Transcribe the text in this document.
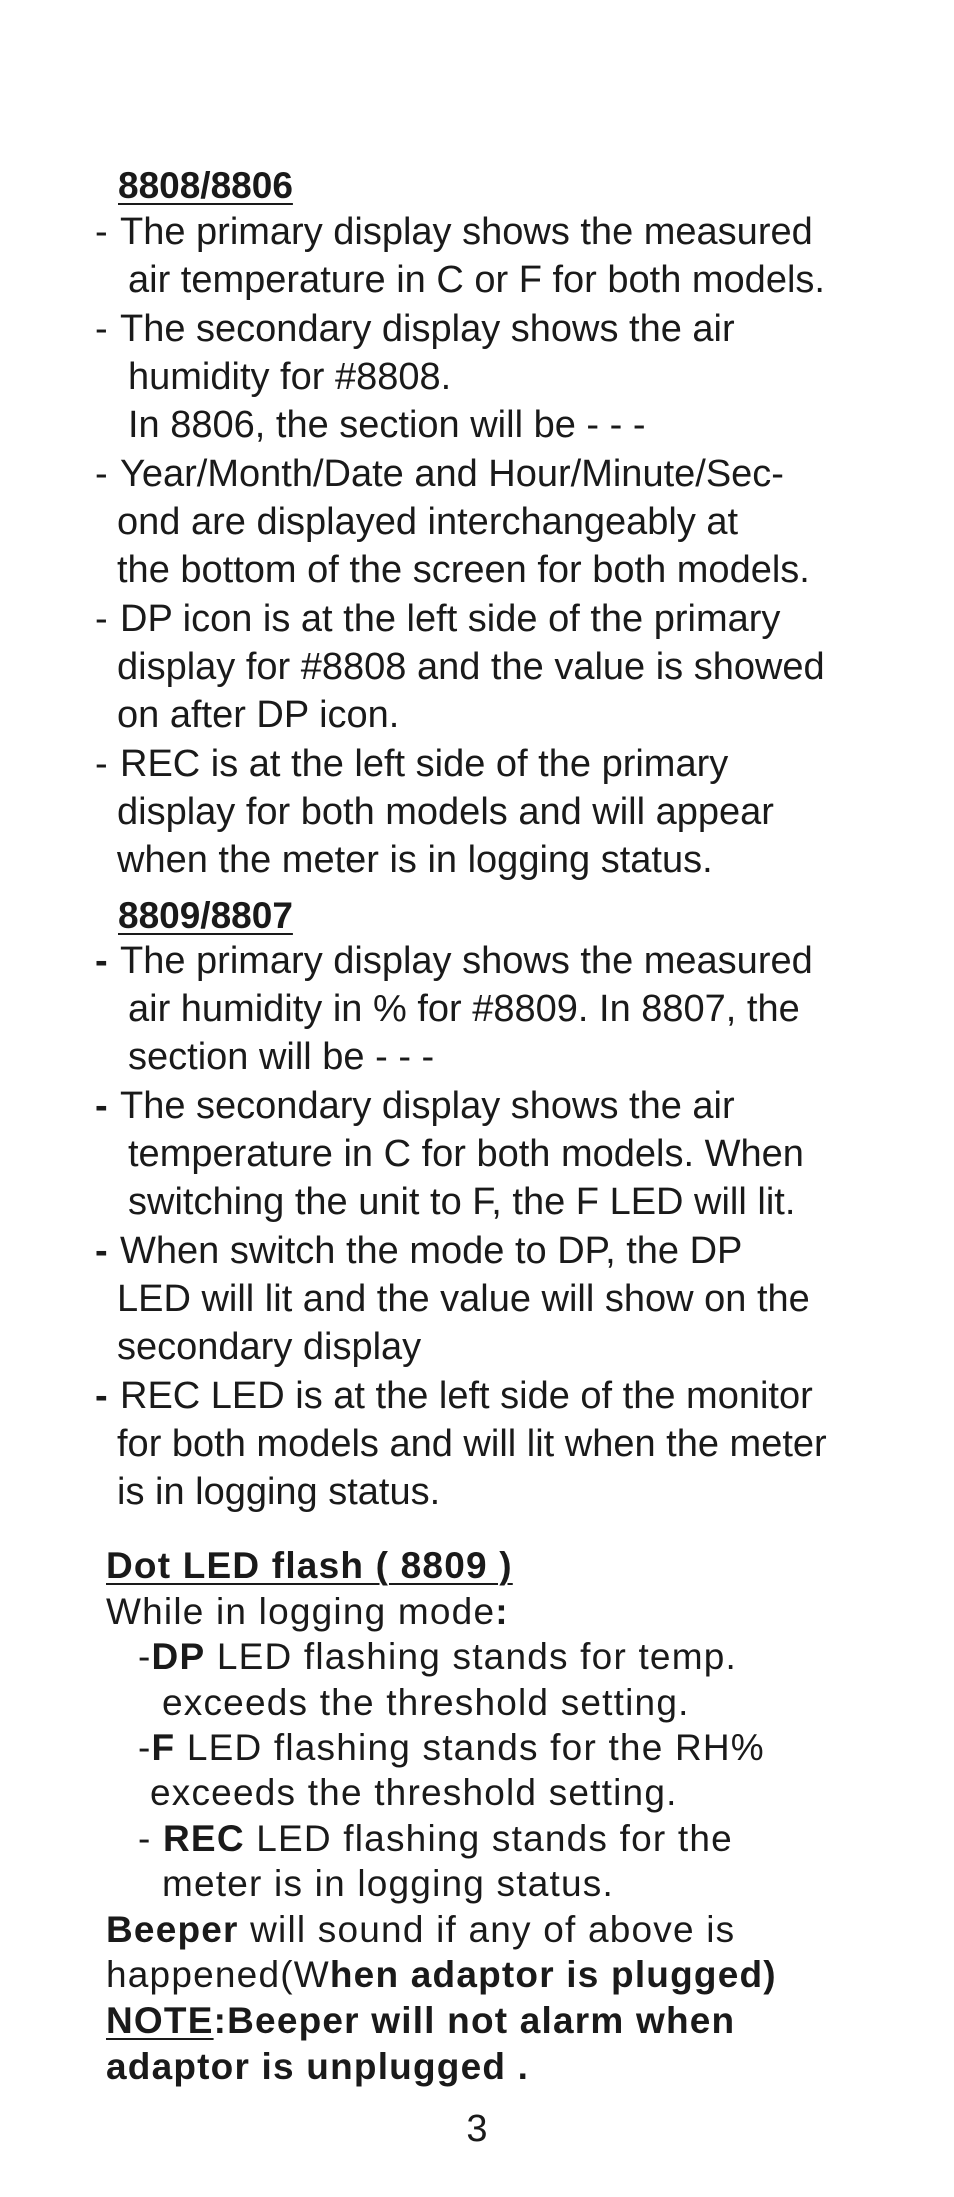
8808/8806
- The primary display shows the measured
air temperature in C or F for both models.
- The secondary display shows the air
humidity for #8808.
In 8806, the section will be - - -
- Year/Month/Date and Hour/Minute/Sec-
ond are displayed interchangeably at
the bottom of the screen for both models.
- DP icon is at the left side of the primary
display for #8808 and the value is showed
on after DP icon.
- REC is at the left side of the primary
display for both models and will appear
when the meter is in logging status.
8809/8807
- The primary display shows the measured
air humidity in % for #8809. In 8807, the
section will be - - -
- The secondary display shows the air
temperature in C for both models. When
switching the unit to F, the F LED will lit.
- When switch the mode to DP, the DP
LED will lit and the value will show on the
secondary display
- REC LED is at the left side of the monitor
for both models and will lit when the meter
is in logging status.
Dot LED flash ( 8809 )
While in logging mode:
-DP LED flashing stands for temp.
exceeds the threshold setting.
-F LED flashing stands for the RH%
exceeds the threshold setting.
- REC LED flashing stands for the
meter is in logging status.
Beeper will sound if any of above is
happened(When adaptor is plugged)
NOTE:Beeper will not alarm when
adaptor is unplugged .
3
